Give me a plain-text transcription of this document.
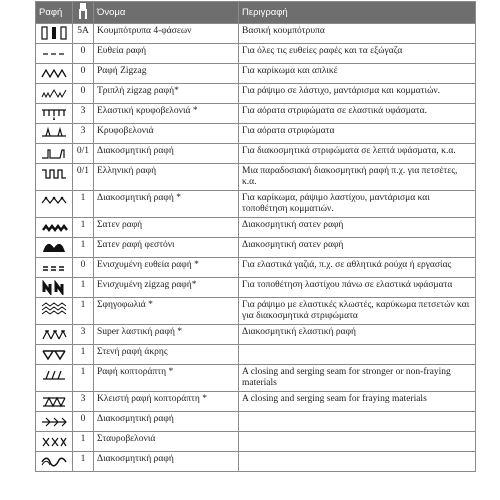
Ραφή		Όνομα	Περιγραφή

	5A	Κουμπότρυπα 4-φάσεων	Βασική κουμπότρυπα

	0	Ευθεία ραφή	Για όλες τις ευθείες ραφές και τα εξώγαζα

	0	Ραφή Zigzag	Για καρίκωμα και απλικέ

	0	Τριπλή zigzag ραφή*	Για ράψιμο σε λάστιχο, μαντάρισμα και κομματιών.

	3	Ελαστική κρυφοβελονιά *	Για αόρατα στριφώματα σε ελαστικά υφάσματα.

	3	Κρυφοβελονιά	Για αόρατα στριφώματα

	0/1	Διακοσμητική ραφή	Για διακοσμητικά στριφώματα σε λεπτά υφάσματα, κ.α.

	0/1	Ελληνική ραφή	Μια παραδοσιακή διακοσμητική ραφή π.χ. για πετσέτες, κ.α.

	1	Διακοσμητική ραφή *	Για καρίκωμα, ράψιμο λαστίχου, μαντάρισμα και τοποθέτηση κομματιών.

	1	Σατεν ραφή	Διακοσμητική σατεν ραφή

	1	Σατεν ραφή φεστόνι	Διακοσμητική σατεν ραφή

	0	Ενισχυμένη ευθεία ραφή *	Για ελαστικά γαζιά, π.χ. σε αθλητικά ρούχα ή εργασίας

	1	Ενισχυμένη zigzag ραφή*	Για τοποθέτηση λαστίχου πάνω σε ελαστικά υφάσματα

	1	Σφηγοφωλιά *	Για ράψιμο με ελαστικές κλωστές, καρύκωμα πετσετών και για διακοσμητικά στριφώματα

	3	Super λαστική ραφή *	Διακοσμητική ελαστική ραφή

	1	Στενή ραφή άκρης	

	1	Ραφή κοπτοράπτη *	A closing and serging seam for stronger or non-fraying materials

	3	Κλειστή ραφή κοπτοράπτη *	A closing and serging seam for fraying materials

	0	Διακοσμητική ραφή	

	1	Σταυροβελονιά	

	1	Διακοσμητική ραφή	
